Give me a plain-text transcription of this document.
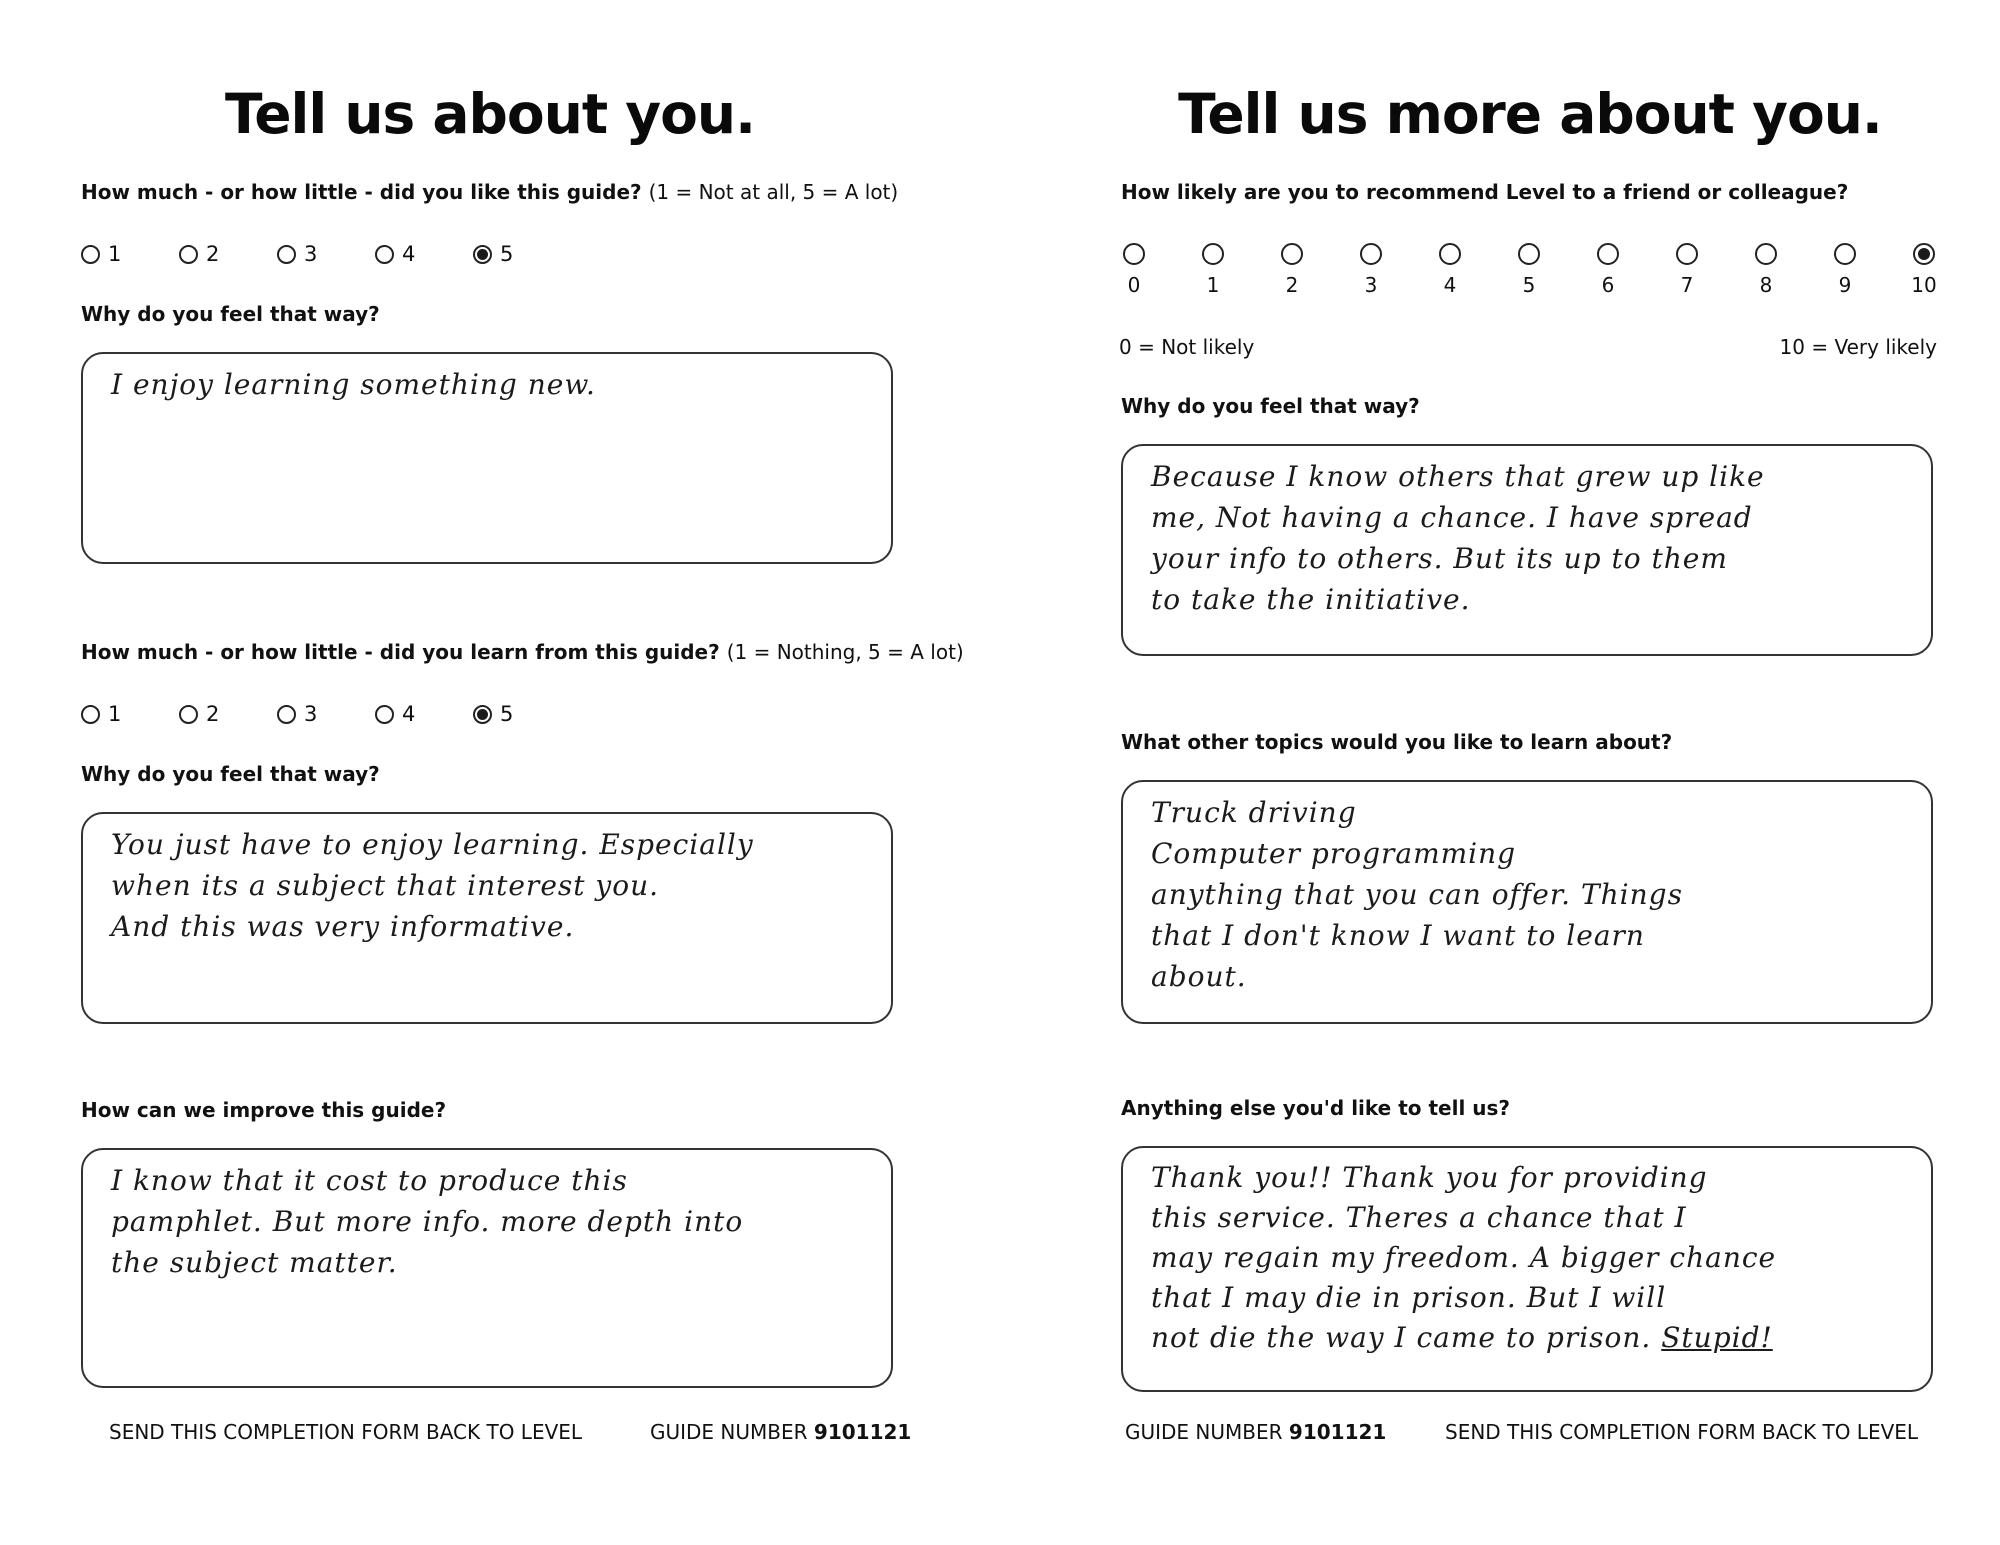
Tell us about you.
How much - or how little - did you like this guide? (1 = Not at all, 5 = A lot)
1	2	3	4	5
Why do you feel that way?
I enjoy learning something new.
How much - or how little - did you learn from this guide? (1 = Nothing, 5 = A lot)
1	2	3	4	5
Why do you feel that way?
You just have to enjoy learning. Especially
when its a subject that interest you.
And this was very informative.
How can we improve this guide?
I know that it cost to produce this
pamphlet. But more info. more depth into
the subject matter.
SEND THIS COMPLETION FORM BACK TO LEVEL	GUIDE NUMBER 9101121
Tell us more about you.
How likely are you to recommend Level to a friend or colleague?
0	1	2	3	4	5	6	7	8	9	10
0 = Not likely	10 = Very likely
Why do you feel that way?
Because I know others that grew up like
me, Not having a chance. I have spread
your info to others. But its up to them
to take the initiative.
What other topics would you like to learn about?
Truck driving
Computer programming
anything that you can offer. Things
that I don't know I want to learn
about.
Anything else you'd like to tell us?
Thank you!! Thank you for providing
this service. Theres a chance that I
may regain my freedom. A bigger chance
that I may die in prison. But I will
not die the way I came to prison. Stupid!
GUIDE NUMBER 9101121	SEND THIS COMPLETION FORM BACK TO LEVEL
